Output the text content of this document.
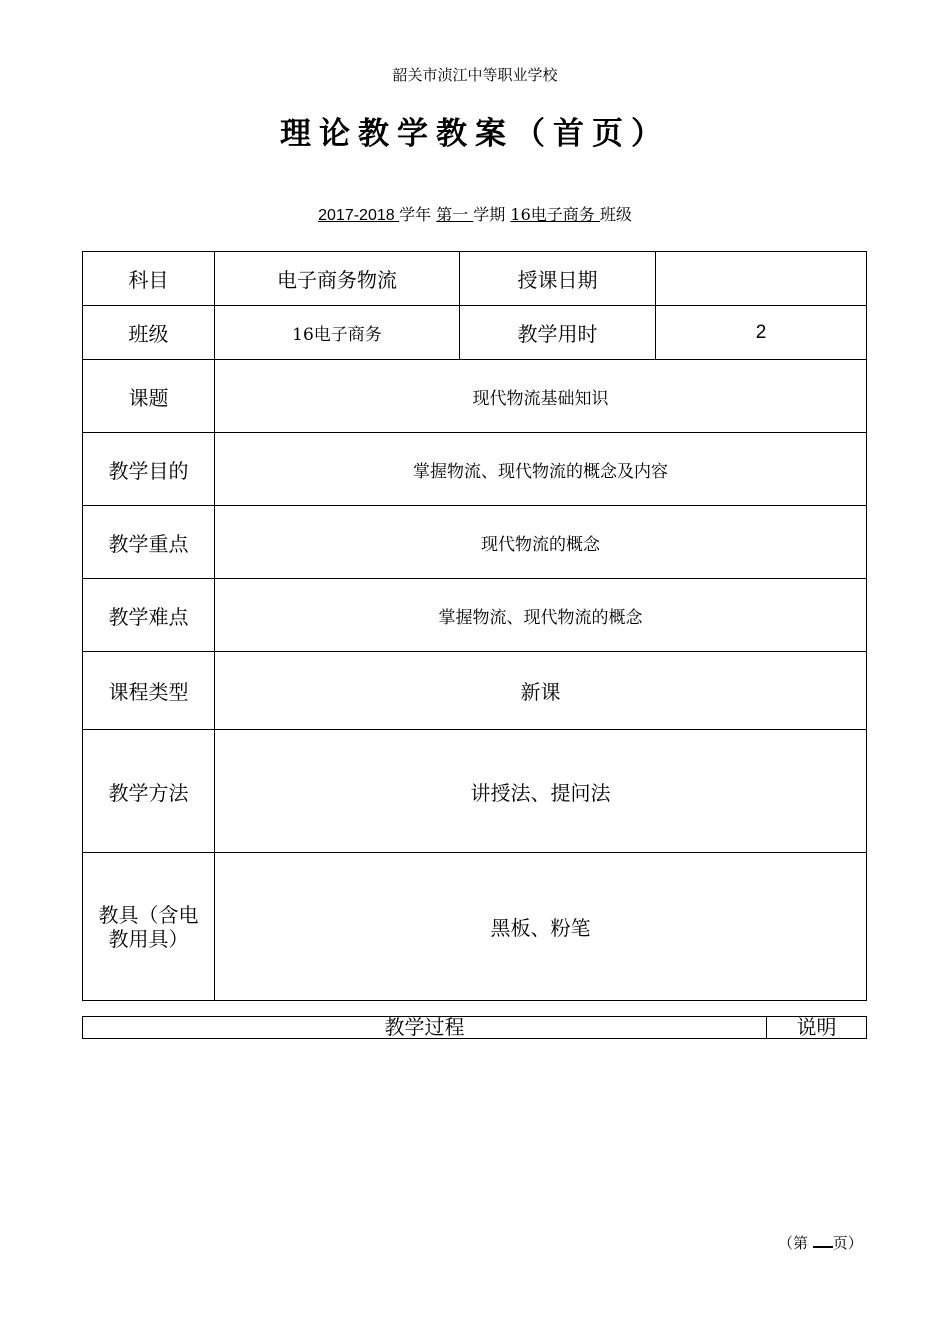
韶关市浈江中等职业学校
理论教学教案（首页）
2017-2018 学年 第一 学期 16电子商务 班级
科目	电子商务物流	授课日期	
班级	16电子商务	教学用时	2
课题	现代物流基础知识		
教学目的	掌握物流、现代物流的概念及内容		
教学重点	现代物流的概念		
教学难点	掌握物流、现代物流的概念		
课程类型	新课		
教学方法	讲授法、提问法		
教具（含电
教用具）	黑板、粉笔		
教学过程	说明
（第 页）
